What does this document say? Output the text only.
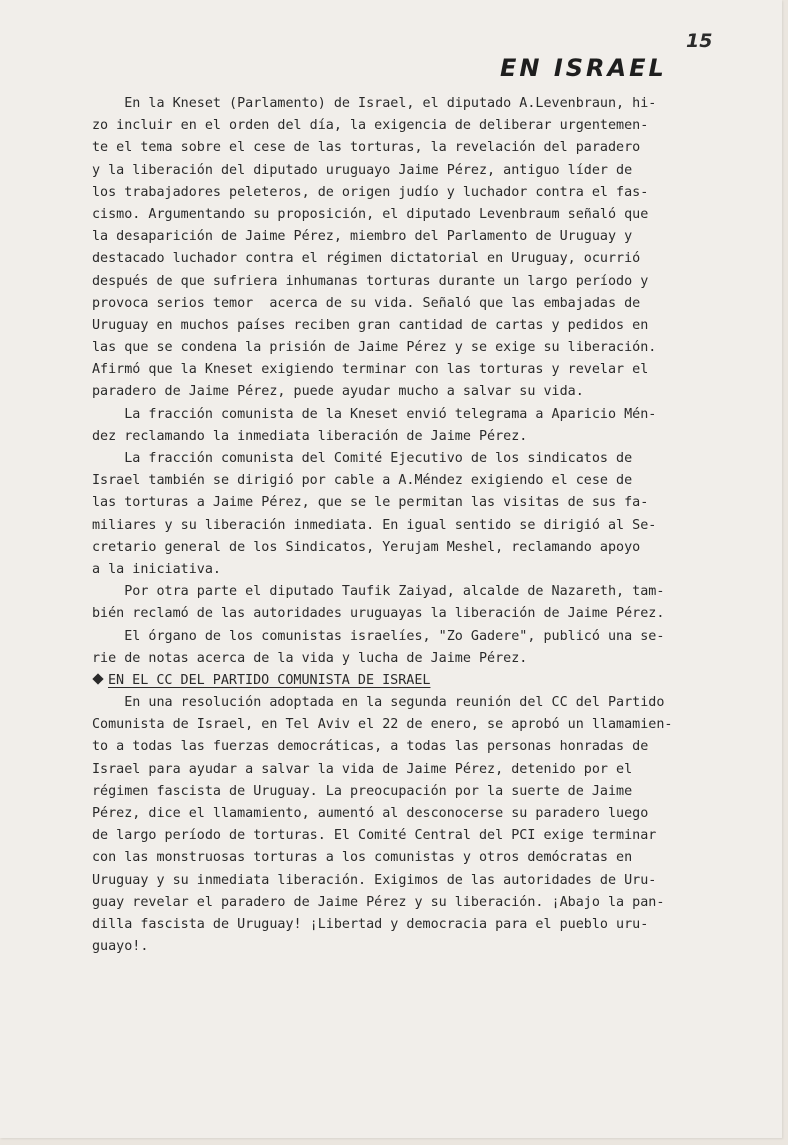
15
EN ISRAEL
En la Kneset (Parlamento) de Israel, el diputado A.Levenbraun, hi-
zo incluir en el orden del día, la exigencia de deliberar urgentemen-
te el tema sobre el cese de las torturas, la revelación del paradero
y la liberación del diputado uruguayo Jaime Pérez, antiguo líder de
los trabajadores peleteros, de origen judío y luchador contra el fas-
cismo. Argumentando su proposición, el diputado Levenbraum señaló que
la desaparición de Jaime Pérez, miembro del Parlamento de Uruguay y
destacado luchador contra el régimen dictatorial en Uruguay, ocurrió
después de que sufriera inhumanas torturas durante un largo período y
provoca serios temor  acerca de su vida. Señaló que las embajadas de
Uruguay en muchos países reciben gran cantidad de cartas y pedidos en
las que se condena la prisión de Jaime Pérez y se exige su liberación.
Afirmó que la Kneset exigiendo terminar con las torturas y revelar el
paradero de Jaime Pérez, puede ayudar mucho a salvar su vida.
La fracción comunista de la Kneset envió telegrama a Aparicio Mén-
dez reclamando la inmediata liberación de Jaime Pérez.
La fracción comunista del Comité Ejecutivo de los sindicatos de
Israel también se dirigió por cable a A.Méndez exigiendo el cese de
las torturas a Jaime Pérez, que se le permitan las visitas de sus fa-
miliares y su liberación inmediata. En igual sentido se dirigió al Se-
cretario general de los Sindicatos, Yerujam Meshel, reclamando apoyo
a la iniciativa.
Por otra parte el diputado Taufik Zaiyad, alcalde de Nazareth, tam-
bién reclamó de las autoridades uruguayas la liberación de Jaime Pérez.
El órgano de los comunistas israelíes, "Zo Gadere", publicó una se-
rie de notas acerca de la vida y lucha de Jaime Pérez.
EN EL CC DEL PARTIDO COMUNISTA DE ISRAEL
En una resolución adoptada en la segunda reunión del CC del Partido
Comunista de Israel, en Tel Aviv el 22 de enero, se aprobó un llamamien-
to a todas las fuerzas democráticas, a todas las personas honradas de
Israel para ayudar a salvar la vida de Jaime Pérez, detenido por el
régimen fascista de Uruguay. La preocupación por la suerte de Jaime
Pérez, dice el llamamiento, aumentó al desconocerse su paradero luego
de largo período de torturas. El Comité Central del PCI exige terminar
con las monstruosas torturas a los comunistas y otros demócratas en
Uruguay y su inmediata liberación. Exigimos de las autoridades de Uru-
guay revelar el paradero de Jaime Pérez y su liberación. ¡Abajo la pan-
dilla fascista de Uruguay! ¡Libertad y democracia para el pueblo uru-
guayo!.
